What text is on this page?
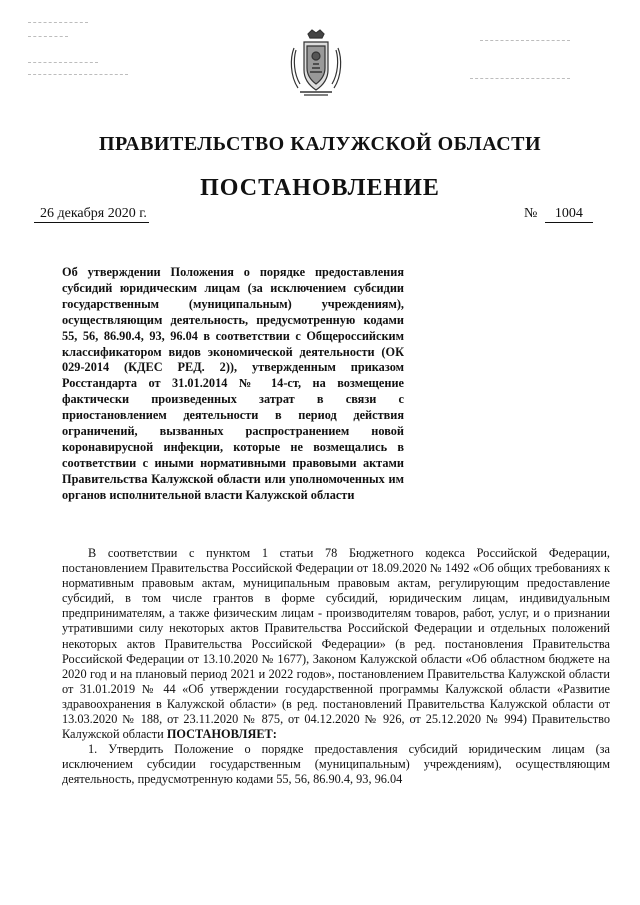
ПРАВИТЕЛЬСТВО КАЛУЖСКОЙ ОБЛАСТИ
ПОСТАНОВЛЕНИЕ
26 декабря 2020 г.	№ 1004
Об утверждении Положения о порядке предоставления субсидий юридическим лицам (за исключением субсидии государственным (муниципальным) учреждениям), осуществляющим деятельность, предусмотренную кодами 55, 56, 86.90.4, 93, 96.04 в соответствии с Общероссийским классификатором видов экономической деятельности (ОК 029-2014 (КДЕС РЕД. 2)), утвержденным приказом Росстандарта от 31.01.2014 № 14-ст, на возмещение фактически произведенных затрат в связи с приостановлением деятельности в период действия ограничений, вызванных распространением новой коронавирусной инфекции, которые не возмещались в соответствии с иными нормативными правовыми актами Правительства Калужской области или уполномоченных им органов исполнительной власти Калужской области

В соответствии с пунктом 1 статьи 78 Бюджетного кодекса Российской Федерации, постановлением Правительства Российской Федерации от 18.09.2020 № 1492 «Об общих требованиях к нормативным правовым актам, муниципальным правовым актам, регулирующим предоставление субсидий, в том числе грантов в форме субсидий, юридическим лицам, индивидуальным предпринимателям, а также физическим лицам - производителям товаров, работ, услуг, и о признании утратившими силу некоторых актов Правительства Российской Федерации и отдельных положений некоторых актов Правительства Российской Федерации» (в ред. постановления Правительства Российской Федерации от 13.10.2020 № 1677), Законом Калужской области «Об областном бюджете на 2020 год и на плановый период 2021 и 2022 годов», постановлением Правительства Калужской области от 31.01.2019 № 44 «Об утверждении государственной программы Калужской области «Развитие здравоохранения в Калужской области» (в ред. постановлений Правительства Калужской области от 13.03.2020 № 188, от 23.11.2020 № 875, от 04.12.2020 № 926, от 25.12.2020 № 994) Правительство Калужской области ПОСТАНОВЛЯЕТ:

1. Утвердить Положение о порядке предоставления субсидий юридическим лицам (за исключением субсидии государственным (муниципальным) учреждениям), осуществляющим деятельность, предусмотренную кодами 55, 56, 86.90.4, 93, 96.04
